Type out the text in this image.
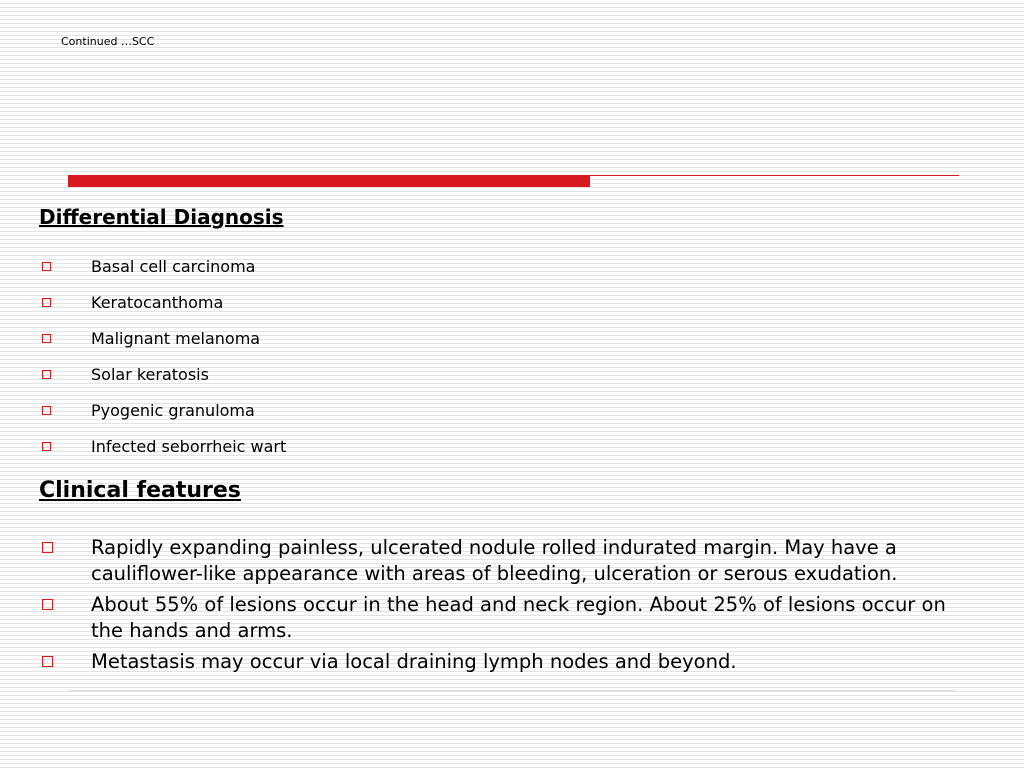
Continued …SCC
Differential Diagnosis
Basal cell carcinoma
Keratocanthoma
Malignant melanoma
Solar keratosis
Pyogenic granuloma
Infected seborrheic wart
Clinical features
Rapidly expanding painless, ulcerated nodule rolled indurated margin. May have a cauliflower-like appearance with areas of bleeding, ulceration or serous exudation.
About 55% of lesions occur in the head and neck region. About 25% of lesions occur on the hands and arms.
Metastasis may occur via local draining lymph nodes and beyond.
